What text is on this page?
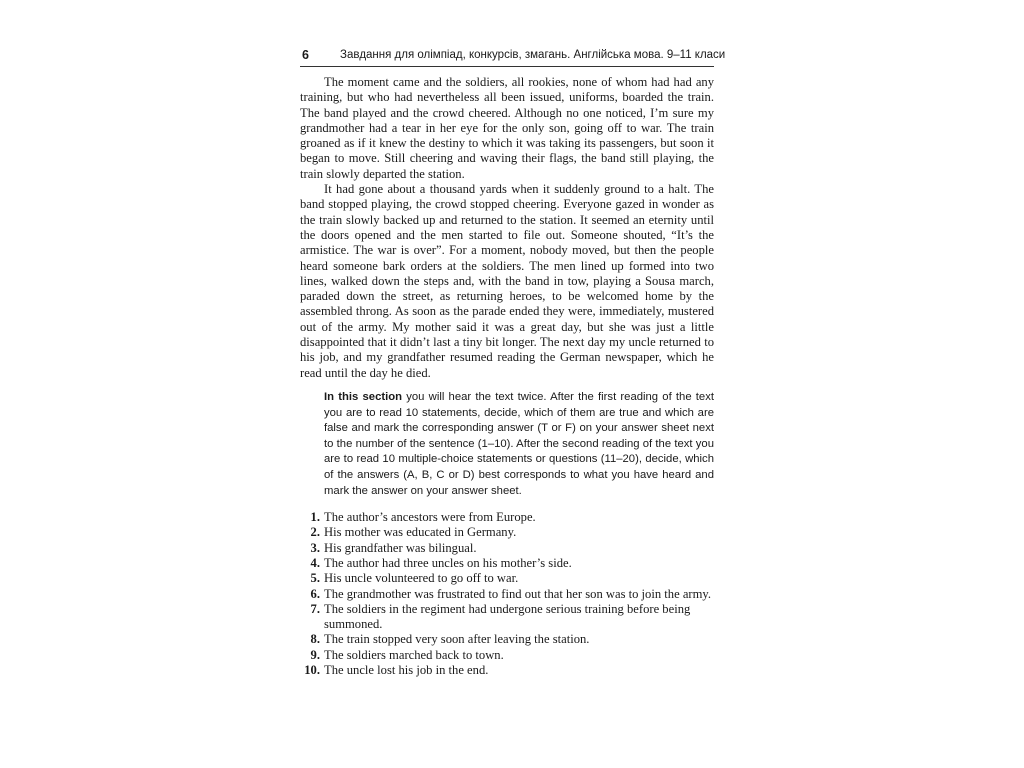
6	Завдання для олімпіад, конкурсів, змагань. Англійська мова. 9–11 класи

The moment came and the soldiers, all rookies, none of whom had had any training, but who had nevertheless all been issued, uniforms, boarded the train. The band played and the crowd cheered. Although no one noticed, I’m sure my grandmother had a tear in her eye for the only son, going off to war. The train groaned as if it knew the destiny to which it was taking its passengers, but soon it began to move. Still cheering and waving their flags, the band still playing, the train slowly departed the station.

It had gone about a thousand yards when it suddenly ground to a halt. The band stopped playing, the crowd stopped cheering. Everyone gazed in wonder as the train slowly backed up and returned to the station. It seemed an eternity until the doors opened and the men started to file out. Someone shouted, “It’s the armistice. The war is over”. For a moment, nobody moved, but then the people heard someone bark orders at the soldiers. The men lined up formed into two lines, walked down the steps and, with the band in tow, playing a Sousa march, paraded down the street, as returning heroes, to be welcomed home by the assembled throng. As soon as the parade ended they were, immediately, mustered out of the army. My mother said it was a great day, but she was just a little disappointed that it didn’t last a tiny bit longer. The next day my uncle returned to his job, and my grandfather resumed reading the German newspaper, which he read until the day he died.

In this section you will hear the text twice. After the first reading of the text you are to read 10 statements, decide, which of them are true and which are false and mark the corresponding answer (T or F) on your answer sheet next to the number of the sentence (1–10). After the second reading of the text you are to read 10 multiple-choice statements or questions (11–20), decide, which of the answers (A, B, C or D) best corresponds to what you have heard and mark the answer on your answer sheet.
1. The author’s ancestors were from Europe.
2. His mother was educated in Germany.
3. His grandfather was bilingual.
4. The author had three uncles on his mother’s side.
5. His uncle volunteered to go off to war.
6. The grandmother was frustrated to find out that her son was to join the army.
7. The soldiers in the regiment had undergone serious training before being summoned.
8. The train stopped very soon after leaving the station.
9. The soldiers marched back to town.
10. The uncle lost his job in the end.
